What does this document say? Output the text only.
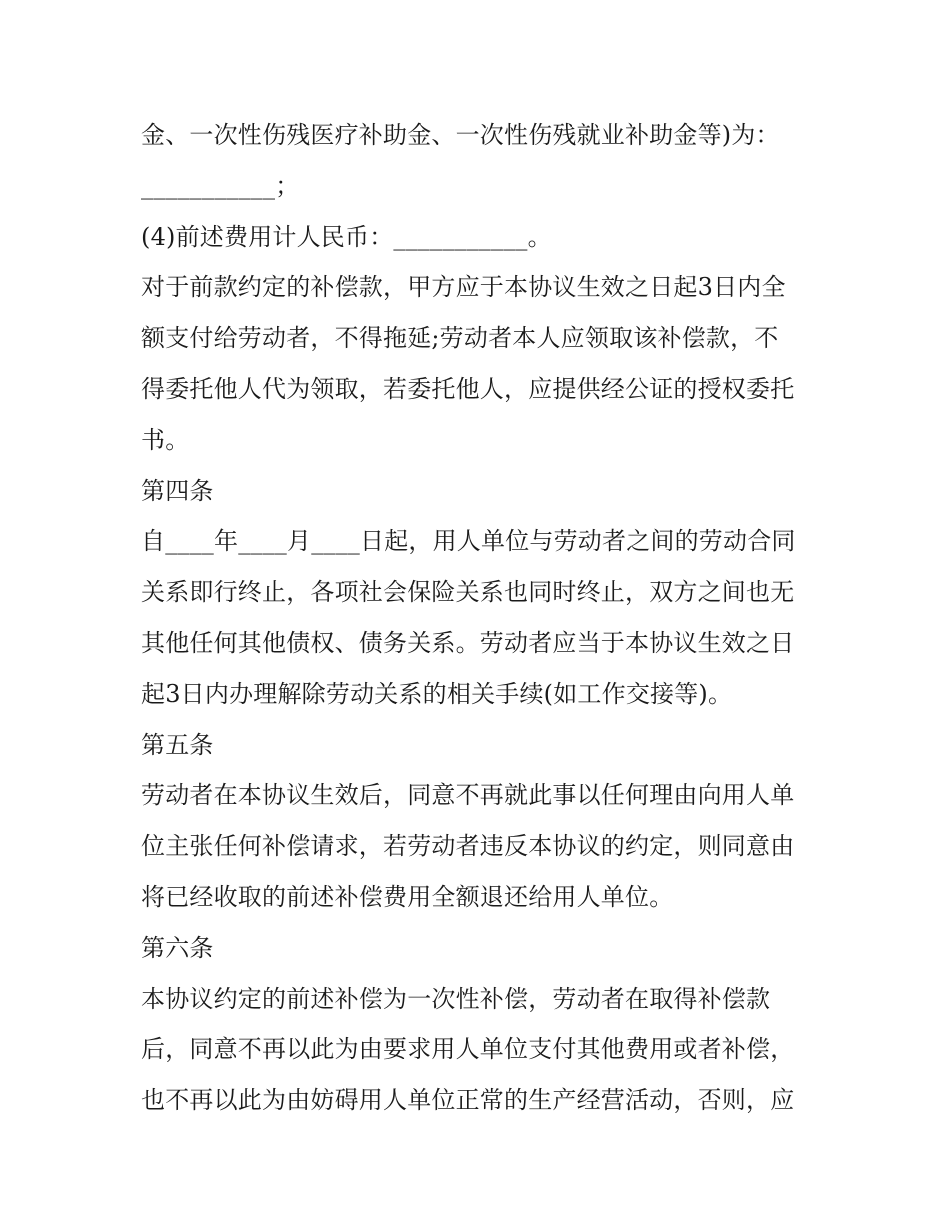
金、一次性伤残医疗补助金、一次性伤残就业补助金等)为：
___________；
(4)前述费用计人民币：___________。
对于前款约定的补偿款，甲方应于本协议生效之日起3日内全
额支付给劳动者，不得拖延;劳动者本人应领取该补偿款，不
得委托他人代为领取，若委托他人，应提供经公证的授权委托
书。
第四条
自____年____月____日起，用人单位与劳动者之间的劳动合同
关系即行终止，各项社会保险关系也同时终止，双方之间也无
其他任何其他债权、债务关系。劳动者应当于本协议生效之日
起3日内办理解除劳动关系的相关手续(如工作交接等)。
第五条
劳动者在本协议生效后，同意不再就此事以任何理由向用人单
位主张任何补偿请求，若劳动者违反本协议的约定，则同意由
将已经收取的前述补偿费用全额退还给用人单位。
第六条
本协议约定的前述补偿为一次性补偿，劳动者在取得补偿款
后，同意不再以此为由要求用人单位支付其他费用或者补偿，
也不再以此为由妨碍用人单位正常的生产经营活动，否则，应
